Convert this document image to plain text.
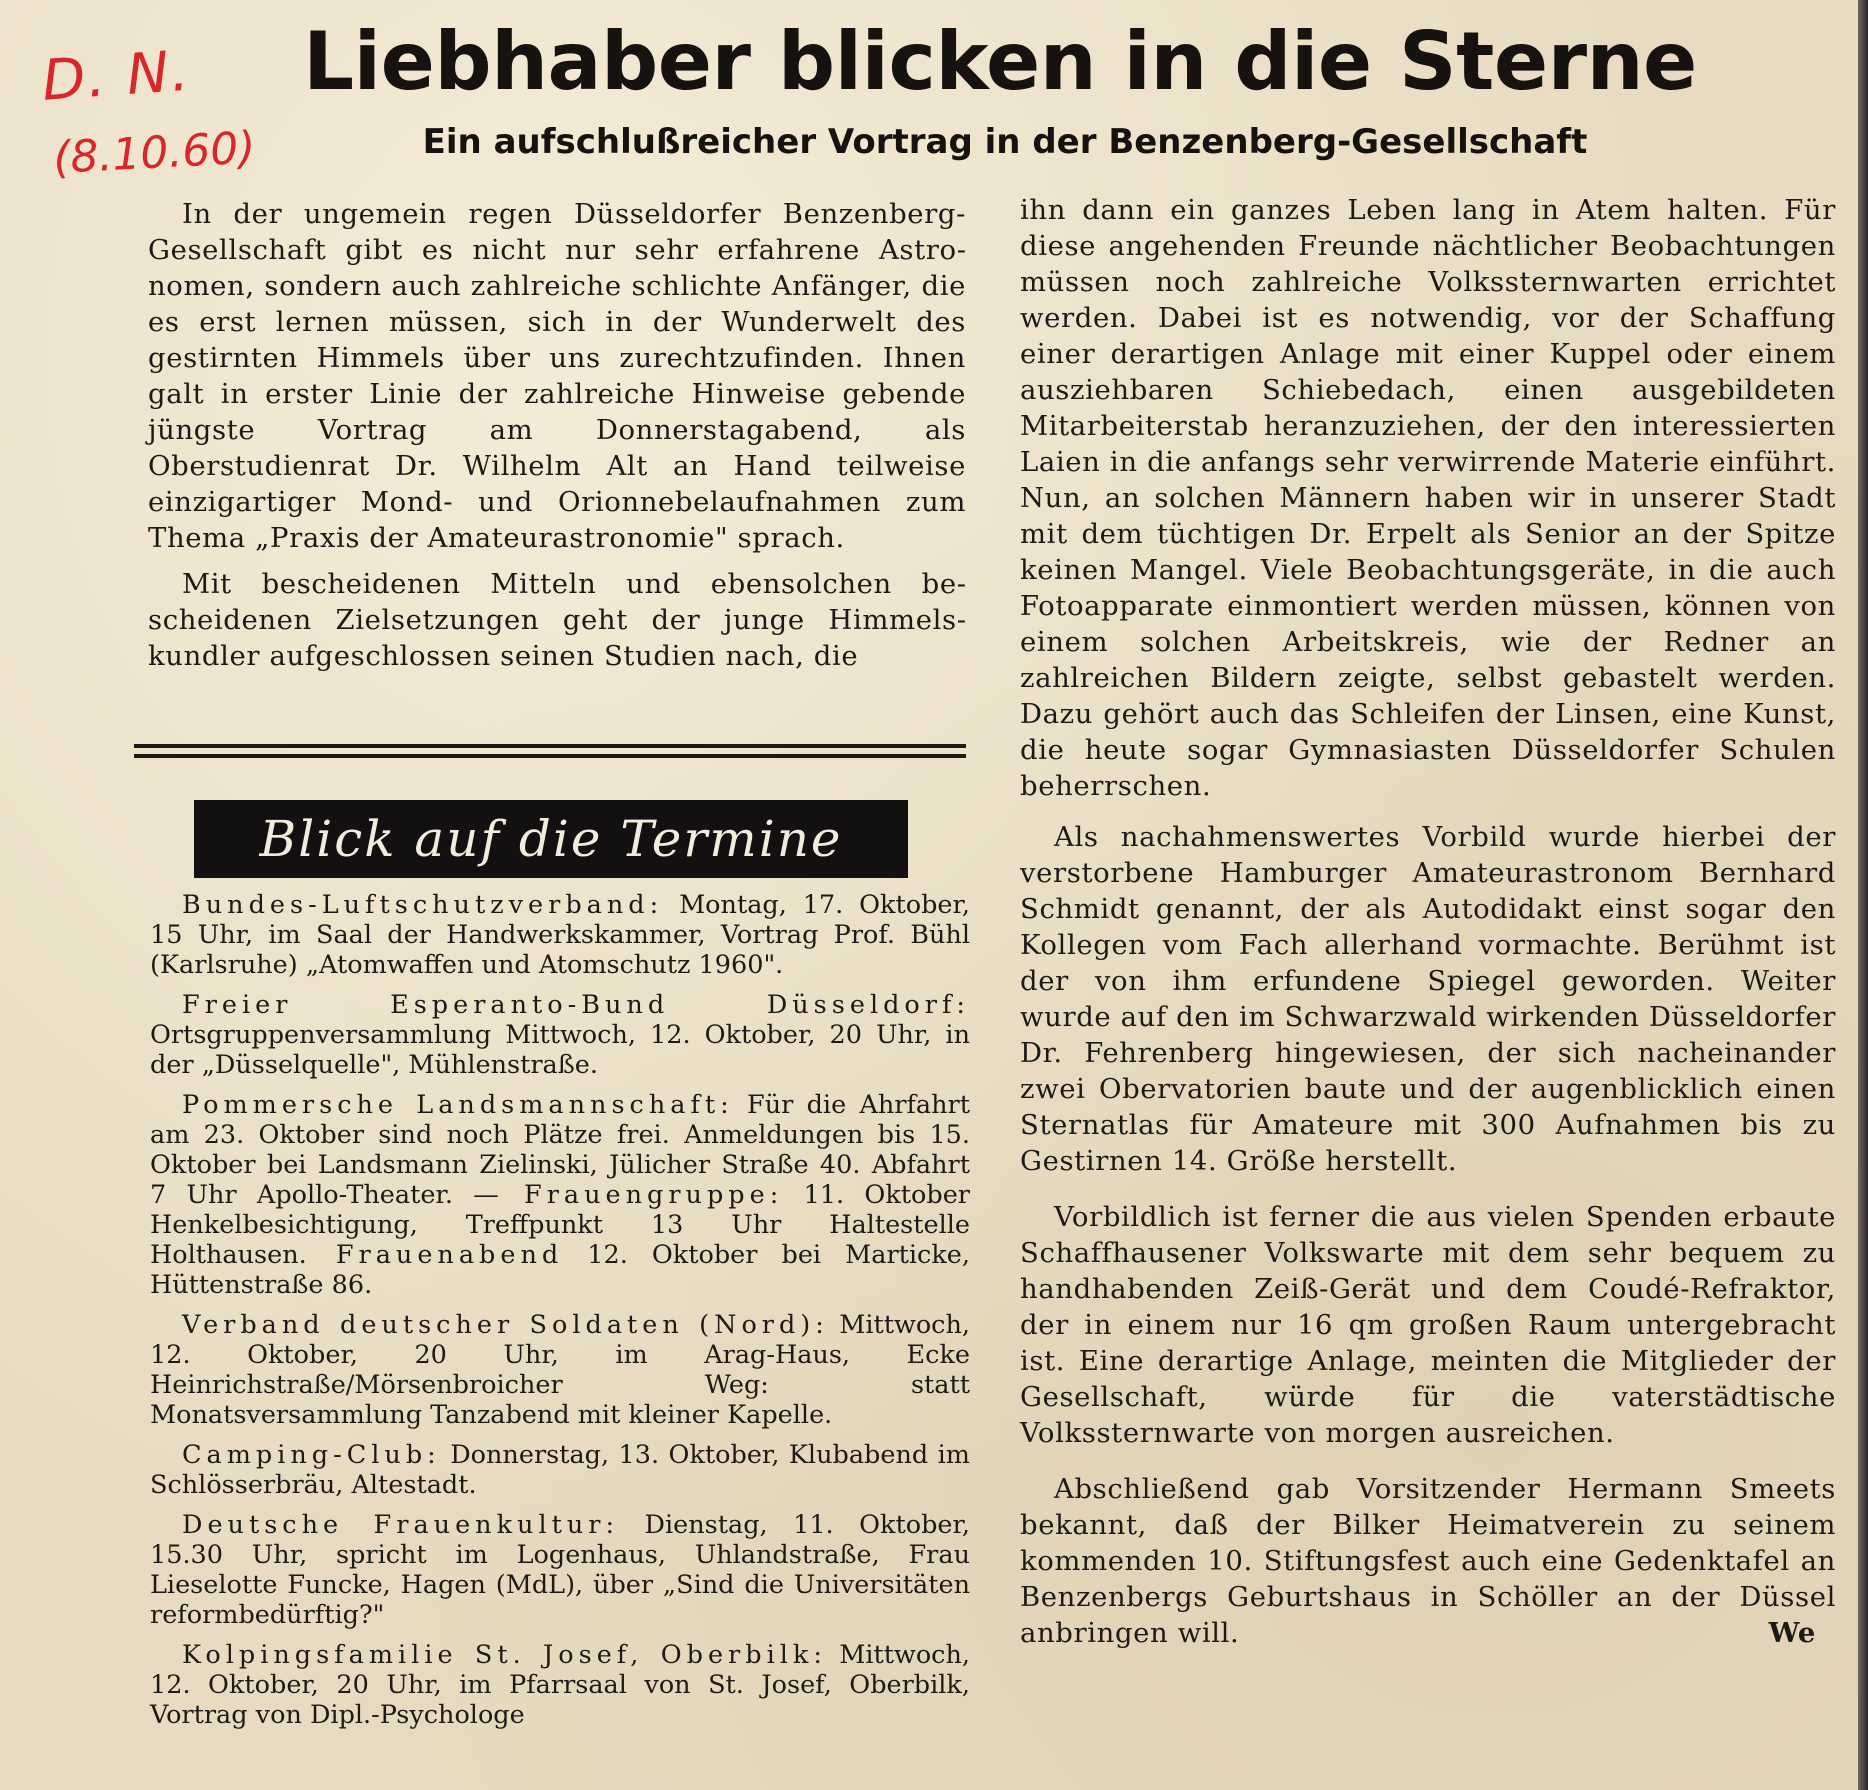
D. N.
(8.10.60)
Liebhaber blicken in die Sterne
Ein aufschlußreicher Vortrag in der Benzenberg-Gesellschaft

In der ungemein regen Düsseldorfer Benzenberg-Gesellschaft gibt es nicht nur sehr erfahrene Astronomen, sondern auch zahlreiche schlichte Anfänger, die es erst lernen müssen, sich in der Wunderwelt des gestirnten Himmels über uns zurechtzufinden. Ihnen galt in erster Linie der zahlreiche Hinweise gebende jüngste Vortrag am Donnerstagabend, als Oberstudienrat Dr. Wilhelm Alt an Hand teilweise einzigartiger Mond- und Orionnebelaufnahmen zum Thema „Praxis der Amateurastronomie" sprach.

Mit bescheidenen Mitteln und ebensolchen bescheidenen Zielsetzungen geht der junge Himmelskundler aufgeschlossen seinen Studien nach, die

Blick auf die Termine

Bundes-Luftschutzverband: Montag, 17. Oktober, 15 Uhr, im Saal der Handwerkskammer, Vortrag Prof. Bühl (Karlsruhe) „Atomwaffen und Atomschutz 1960".

Freier Esperanto-Bund Düsseldorf: Ortsgruppenversammlung Mittwoch, 12. Oktober, 20 Uhr, in der „Düsselquelle", Mühlenstraße.

Pommersche Landsmannschaft: Für die Ahrfahrt am 23. Oktober sind noch Plätze frei. Anmeldungen bis 15. Oktober bei Landsmann Zielinski, Jülicher Straße 40. Abfahrt 7 Uhr Apollo-Theater. — Frauengruppe: 11. Oktober Henkelbesichtigung, Treffpunkt 13 Uhr Haltestelle Holthausen. Frauenabend 12. Oktober bei Marticke, Hüttenstraße 86.

Verband deutscher Soldaten (Nord): Mittwoch, 12. Oktober, 20 Uhr, im Arag-Haus, Ecke Heinrichstraße/Mörsenbroicher Weg: statt Monatsversammlung Tanzabend mit kleiner Kapelle.

Camping-Club: Donnerstag, 13. Oktober, Klubabend im Schlösserbräu, Altestadt.

Deutsche Frauenkultur: Dienstag, 11. Oktober, 15.30 Uhr, spricht im Logenhaus, Uhlandstraße, Frau Lieselotte Funcke, Hagen (MdL), über „Sind die Universitäten reformbedürftig?"

Kolpingsfamilie St. Josef, Oberbilk: Mittwoch, 12. Oktober, 20 Uhr, im Pfarrsaal von St. Josef, Oberbilk, Vortrag von Dipl.-Psychologe

ihn dann ein ganzes Leben lang in Atem halten. Für diese angehenden Freunde nächtlicher Beobachtungen müssen noch zahlreiche Volkssternwarten errichtet werden. Dabei ist es notwendig, vor der Schaffung einer derartigen Anlage mit einer Kuppel oder einem ausziehbaren Schiebedach, einen ausgebildeten Mitarbeiterstab heranzuziehen, der den interessierten Laien in die anfangs sehr verwirrende Materie einführt. Nun, an solchen Männern haben wir in unserer Stadt mit dem tüchtigen Dr. Erpelt als Senior an der Spitze keinen Mangel. Viele Beobachtungsgeräte, in die auch Fotoapparate einmontiert werden müssen, können von einem solchen Arbeitskreis, wie der Redner an zahlreichen Bildern zeigte, selbst gebastelt werden. Dazu gehört auch das Schleifen der Linsen, eine Kunst, die heute sogar Gymnasiasten Düsseldorfer Schulen beherrschen.

Als nachahmenswertes Vorbild wurde hierbei der verstorbene Hamburger Amateurastronom Bernhard Schmidt genannt, der als Autodidakt einst sogar den Kollegen vom Fach allerhand vormachte. Berühmt ist der von ihm erfundene Spiegel geworden. Weiter wurde auf den im Schwarzwald wirkenden Düsseldorfer Dr. Fehrenberg hingewiesen, der sich nacheinander zwei Obervatorien baute und der augenblicklich einen Sternatlas für Amateure mit 300 Aufnahmen bis zu Gestirnen 14. Größe herstellt.

Vorbildlich ist ferner die aus vielen Spenden erbaute Schaffhausener Volkswarte mit dem sehr bequem zu handhabenden Zeiß-Gerät und dem Coudé-Refraktor, der in einem nur 16 qm großen Raum untergebracht ist. Eine derartige Anlage, meinten die Mitglieder der Gesellschaft, würde für die vaterstädtische Volkssternwarte von morgen ausreichen.

Abschließend gab Vorsitzender Hermann Smeets bekannt, daß der Bilker Heimatverein zu seinem kommenden 10. Stiftungsfest auch eine Gedenktafel an Benzenbergs Geburtshaus in Schöller an der Düssel anbringen will.	We
